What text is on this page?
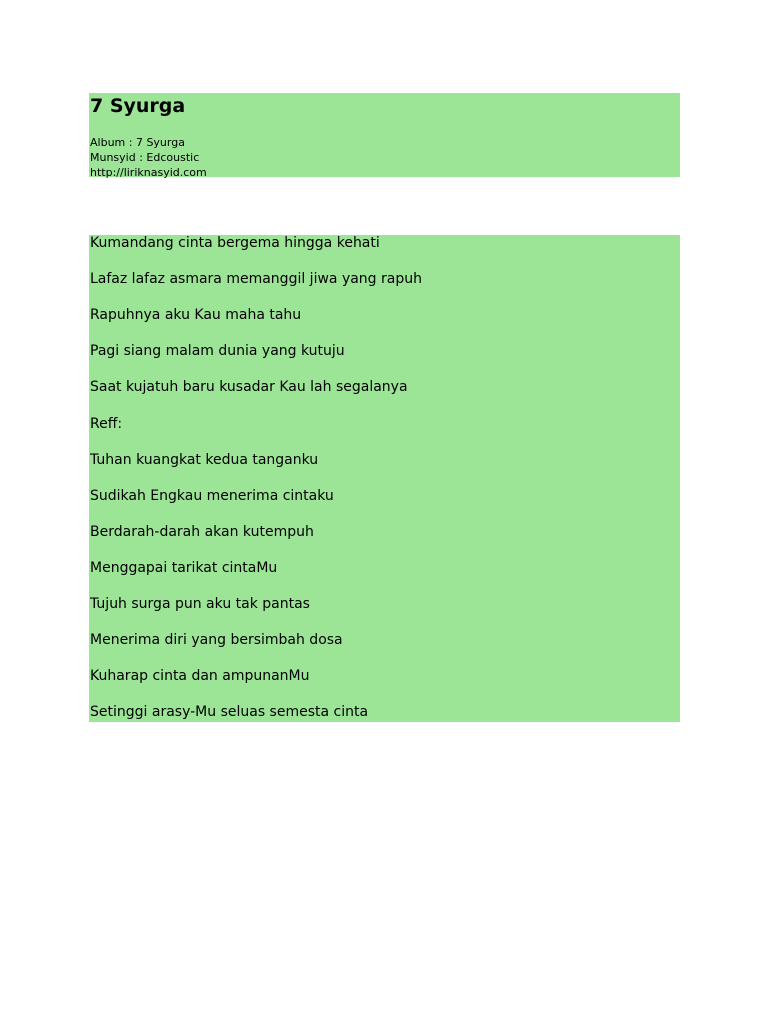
7 Syurga
Album : 7 Syurga
Munsyid : Edcoustic
http://liriknasyid.com
Kumandang cinta bergema hingga kehati
Lafaz lafaz asmara memanggil jiwa yang rapuh
Rapuhnya aku Kau maha tahu
Pagi siang malam dunia yang kutuju
Saat kujatuh baru kusadar Kau lah segalanya
Reff:
Tuhan kuangkat kedua tanganku
Sudikah Engkau menerima cintaku
Berdarah-darah akan kutempuh
Menggapai tarikat cintaMu
Tujuh surga pun aku tak pantas
Menerima diri yang bersimbah dosa
Kuharap cinta dan ampunanMu
Setinggi arasy-Mu seluas semesta cinta
